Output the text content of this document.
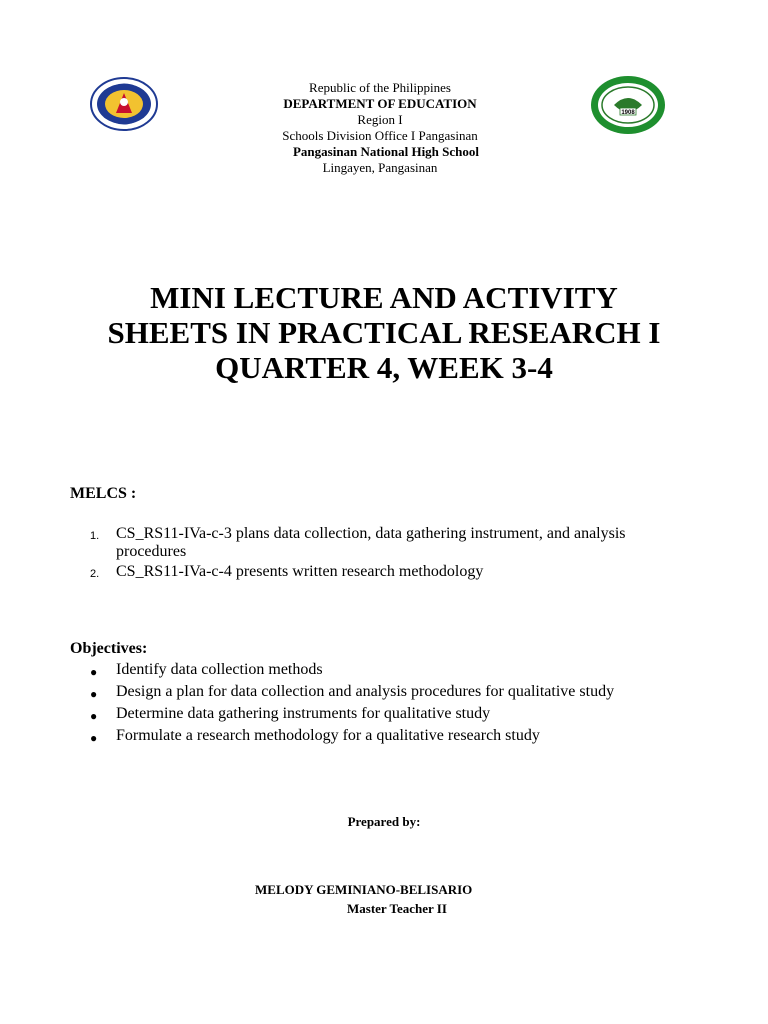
1908
Republic of the Philippines
DEPARTMENT OF EDUCATION
Region I
Schools Division Office I Pangasinan
Pangasinan National High School
Lingayen, Pangasinan
MINI LECTURE AND ACTIVITY
SHEETS IN PRACTICAL RESEARCH I
QUARTER 4, WEEK 3-4
MELCS :
1.	CS_RS11-IVa-c-3 plans data collection, data gathering instrument, and analysis procedures
2.	CS_RS11-IVa-c-4 presents written research methodology
Objectives:
●	Identify data collection methods
●	Design a plan for data collection and analysis procedures for qualitative study
●	Determine data gathering instruments for qualitative study
●	Formulate a research methodology for a qualitative research study
Prepared by:
MELODY GEMINIANO-BELISARIO
Master Teacher II
